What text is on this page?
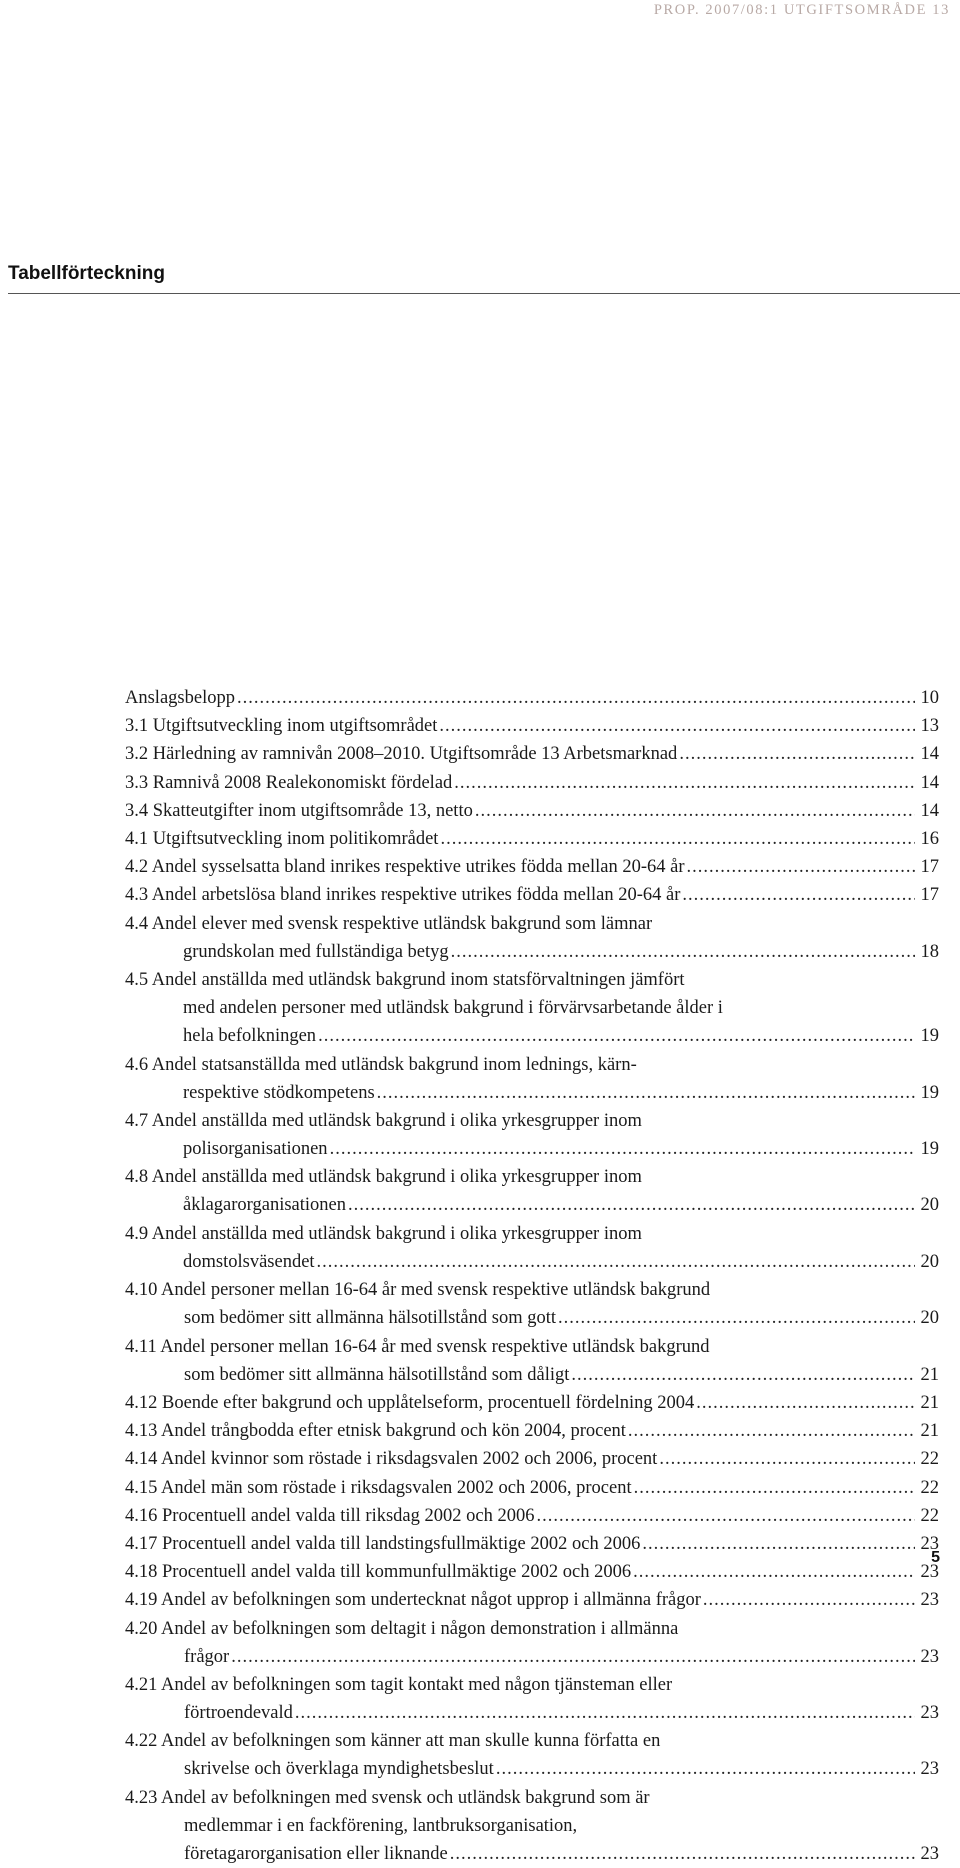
PROP. 2007/08:1 UTGIFTSOMRÅDE 13
Tabellförteckning
Anslagsbelopp .....	10
3.1 Utgiftsutveckling inom utgiftsområdet .....	13
3.2 Härledning av ramnivån 2008–2010. Utgiftsområde 13 Arbetsmarknad .....	14
3.3 Ramnivå 2008 Realekonomiskt fördelad .....	14
3.4 Skatteutgifter inom utgiftsområde 13, netto .....	14
4.1 Utgiftsutveckling inom politikområdet .....	16
4.2 Andel sysselsatta bland inrikes respektive utrikes födda mellan 20-64 år .....	17
4.3 Andel arbetslösa bland inrikes respektive utrikes födda mellan 20-64 år .....	17
4.4 Andel elever med svensk respektive utländsk bakgrund som lämnar
grundskolan med fullständiga betyg .....	18
4.5 Andel anställda med utländsk bakgrund inom statsförvaltningen jämfört
med andelen personer med utländsk bakgrund i förvärvsarbetande ålder i
hela befolkningen .....	19
4.6 Andel statsanställda med utländsk bakgrund inom lednings, kärn-
respektive stödkompetens .....	19
4.7 Andel anställda med utländsk bakgrund i olika yrkesgrupper inom
polisorganisationen .....	19
4.8 Andel anställda med utländsk bakgrund i olika yrkesgrupper inom
åklagarorganisationen .....	20
4.9 Andel anställda med utländsk bakgrund i olika yrkesgrupper inom
domstolsväsendet .....	20
4.10 Andel personer mellan 16-64 år med svensk respektive utländsk bakgrund
som bedömer sitt allmänna hälsotillstånd som gott .....	20
4.11 Andel personer mellan 16-64 år med svensk respektive utländsk bakgrund
som bedömer sitt allmänna hälsotillstånd som dåligt .....	21
4.12 Boende efter bakgrund och upplåtelseform, procentuell fördelning 2004 .....	21
4.13 Andel trångbodda efter etnisk bakgrund och kön 2004, procent .....	21
4.14 Andel kvinnor som röstade i riksdagsvalen 2002 och 2006, procent .....	22
4.15 Andel män som röstade i riksdagsvalen 2002 och 2006, procent .....	22
4.16 Procentuell andel valda till riksdag 2002 och 2006 .....	22
4.17 Procentuell andel valda till landstingsfullmäktige 2002 och 2006 .....	23
4.18 Procentuell andel valda till kommunfullmäktige 2002 och 2006 .....	23
4.19 Andel av befolkningen som undertecknat något upprop i allmänna frågor .....	23
4.20 Andel av befolkningen som deltagit i någon demonstration i allmänna
frågor .....	23
4.21 Andel av befolkningen som tagit kontakt med någon tjänsteman eller
förtroendevald .....	23
4.22 Andel av befolkningen som känner att man skulle kunna författa en
skrivelse och överklaga myndighetsbeslut .....	23
4.23 Andel av befolkningen med svensk och utländsk bakgrund som är
medlemmar i en fackförening, lantbruksorganisation,
företagarorganisation eller liknande .....	23
5
